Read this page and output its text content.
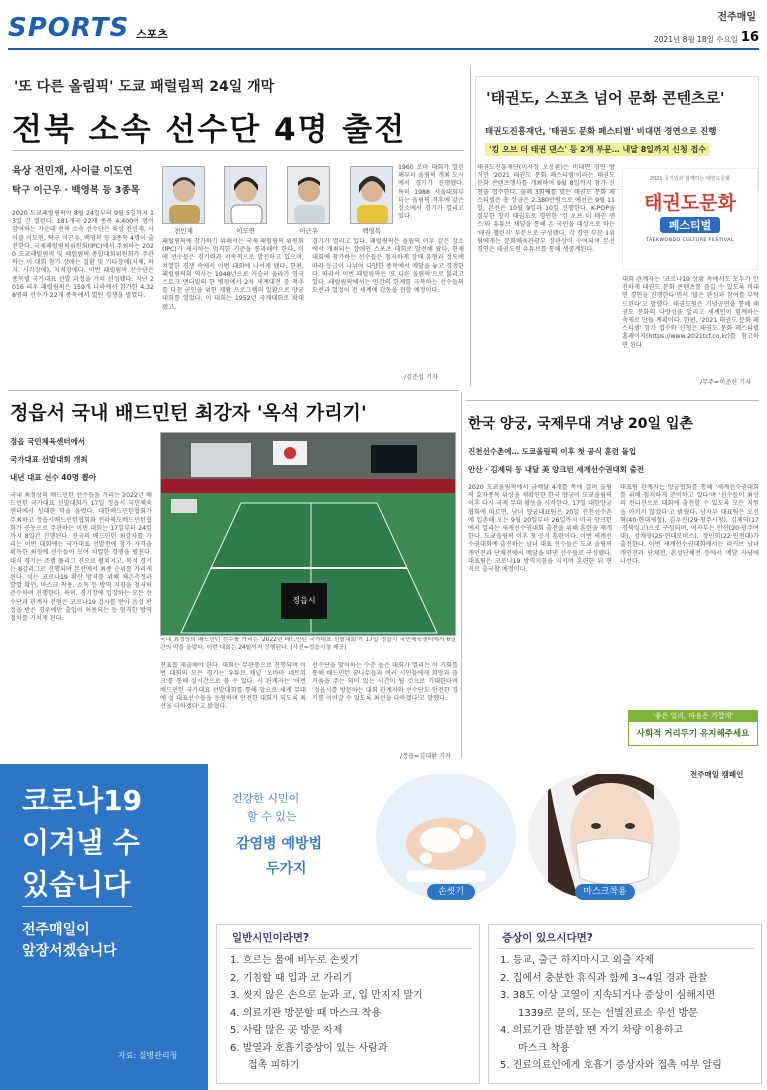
SPORTS 스포츠
전주매일
2021년 8월 18일 수요일 16
'또 다른 올림픽' 도쿄 패럴림픽 24일 개막
전북 소속 선수단 4명 출전
육상 전민재, 사이클 이도연
탁구 이근우 · 백영복 등 3종목
전민재	이도연	이근우	백영복
2020 도쿄패럴림픽이 8월 24일부터 9월 5일까지 13일 간 열린다. 181개국 22개 종목 4,400여 명이 참여하는 가운데 전북 소속 선수단은 육상 전민재, 사이클 이도연, 탁구 이근우, 백영복 등 3종목 4명이 출전한다. 국제패럴림픽위원회(IPC)에서 주최하는 2020 도쿄패럴림픽 및 패럴림픽 종합대회위원회가 주관하는 이 대회 참가 장애는 질환 및 기타장애(지체, 하지, 시각장애), 지적장애다. 이번 패럴림픽 선수단은 종목별 국가대표 선발 과정을 거쳐 선정됐다. 지난 2016 리우 패럴림픽은 159개 나라에서 참가한 4,328명의 선수가 22개 종목에서 열띤 경쟁을 벌였다.
패럴림픽에 참가하기 위해서는 국제 패럴림픽 위원회(IPC)가 제시하는 엄격한 기준을 통과해야 한다. 이에 선수들은 경기력과 지속적으로 발전하고 있으며, 치열한 경쟁 속에서 이번 대회에 나서게 됐다. 한편, 패럴림픽의 역사는 1948년으로 거슬러 올라가 영국 스토크 맨더빌의 한 병원에서 2차 세계대전 중 척추를 다친 군인을 위한 재활 프로그램의 일환으로 양궁 대회를 열었다. 이 대회는 1952년 국제대회로 확대됐고,
경기가 열리고 있다. 패럴림픽은 올림픽 이후 같은 장소에서 개최되는 장애인 스포츠 대회로 발전해 왔다. 현재 대회에 참가하는 선수들은 철저하게 장애 유형과 정도에 따라 등급이 나뉘어 다양한 종목에서 메달을 놓고 경쟁한다. 따라서 이번 패럴림픽은 '또 다른 올림픽'으로 불리고 있다. 패럴림픽에서는 인간의 한계를 극복하는 선수들의 도전과 열정이 전 세계에 감동을 전할 예정이다.
1960 로마 대회가 열린 해부터 올림픽 개최 도시에서 경기가 진행됐다. 특히 1988 서울대회부터는 올림픽 직후에 같은 장소에서 경기가 열리고 있다.
/김준섭 기자
'태권도, 스포츠 넘어 문화 콘텐츠로'
태권도진흥재단, '태권도 문화 페스티벌' 비대면 경연으로 진행
'킹 오브 더 태권 댄스' 등 2개 부문… 내달 8일까지 신청 접수
태권도진흥재단(이사장 오응환)은 비대면 경연 방식인 '2021 태권도 문화 페스티벌'이라는 태권도 문화 콘텐츠행사를 개최하여 9월 8일까지 참가 신청을 접수한다. 올해 3회째를 맞는 태권도 문화 페스티벌은 총 상금은 2,380만원으로 예선은 9월 11일, 본선은 10월 9일과 10일 진행한다. K-POP을 결부한 창작 태권도로 경연한 '킹 오브 더 태권 댄스'와 유튜브 채널을 통해 온 국민을 대상으로 하는 '태권 챌린지' 부문으로 구성됐다. 각 경연 부문 1위 팀에게는 문화체육관광부 장관상이 수여되며 본선 경연은 태권도원 유튜브를 통해 생중계된다.
2021 국기원과 함께하는 태권도문화
태권도문화
페스티벌
TAEKWONDO CULTURE FESTIVAL
대회 관계자는 '코로나19 상황 속에서도 모두가 안전하게 태권도 문화 콘텐츠를 즐길 수 있도록 비대면 경연을 진행한다'면서 '많은 관심과 참여를 부탁드린다'고 말했다. 태권도원은 기념공연을 통해 태권도 문화의 다양성을 알리고 세계인이 함께하는 축제로 만들 계획이다. 한편, '2021 태권도 문화 페스티벌' 참가 접수와 신청은 태권도 문화 페스티벌 홈페이지(https://www.2021tcf.co.kr)를 참고하면 된다.
/무주=이준선 기자
정읍서 국내 배드민턴 최강자 '옥석 가리기'
정읍 국민체육센터에서
국가대표 선발대회 개최
내년 대표 선수 40명 뽑아
국내 최정상의 배드민턴 선수들을 가리는 2022년 배드민턴 국가대표 선발대회가 17일 정읍시 국민체육센터에서 성대한 막을 올렸다. 대한배드민턴협회가 주최하고 정읍시배드민턴협회와 전라북도배드민턴협회가 공동으로 주관하는 이번 대회는 17일부터 24일까지 8일간 진행된다. 전국의 배드민턴 최강자를 가리는 이번 대회에는 국가대표 선발전에 참가 자격을 획득한 최정예 선수들이 모여 치열한 경쟁을 펼친다. 대식 경기는 조별 풀리그 진으로 펼쳐지고, 복식 경기는 8강리그로 진행되며 본선에서 최종 순위를 가리게 된다. 이는 코로나19 확산 방지를 위해 체온측정과 발열 확인, 마스크 착용, 소독 등 방역 지침을 철저히 준수하며 진행한다. 특히, 경기장에 입장하는 모든 선수단과 관계자 전원은 코로나19 검사를 받아 음성 판정을 받은 경우에만 출입이 허용되는 등 엄격한 방역 절차를 거치게 된다.
정읍시
국내 최정상의 배드민턴 선수를 가리는 '2022년 배드민턴 국가대표 선발대회'가 17일 정읍시 국민체육센터에서 6일간의 막을 올렸다. 이번 대회는 24일까지 진행된다. (사진=정읍시청 제공)
진표를 제출해야 한다. 대회는 무관중으로 진행되며 이번 대회의 모든 경기는 유튜브 채널 '오바마 네트워크'를 통해 실시간으로 볼 수 있다. 시 관계자는 '이번 배드민턴 국가대표 선발대회를 통해 앞으로 세계 무대에 설 대표선수들을 응원하며 안전한 대회가 되도록 최선을 다하겠다'고 밝혔다.
선수단을 맞이하는 수준 높은 대회가 열리는 이 기회를 통해 배드민턴 꿈나무들과 여러 시민들에게 희망과 즐거움을 주는 의미 있는 시간이 될 것으로 기대한다며 '정읍시를 방문하는 대회 관계자와 선수단도 안전한 경기를 이어갈 수 있도록 최선을 다하겠다'고 말했다.
/정읍=김대환 기자
한국 양궁, 국제무대 겨냥 20일 입촌
진천선수촌에… 도쿄올림픽 이후 첫 공식 훈련 돌입
안산 · 김제덕 등 내달 美 양크턴 세계선수권대회 출전
2020 도쿄올림픽에서 금메달 4개를 목에 걸며 올림픽 효자종목 위상을 재확인한 한국 양궁이 도쿄올림픽 이후 다시 국제 무대 활동을 시작한다. 17일 대한양궁협회에 따르면, 남녀 양궁대표팀은 20일 진천선수촌에 입촌해 오는 9월 20일부터 26일까지 미국 양크턴에서 열리는 세계선수권대회 출전을 위해 훈련을 재개한다. 도쿄올림픽 이후 첫 공식 훈련이다. 이번 세계선수권대회에 출전하는 남녀 대표 선수들은 도쿄 올림픽 개인전과 단체전에서 메달을 따낸 선수들로 구성됐다. 대표팀은 코로나19 방역지침을 지키며 훈련한 뒤 현지로 출국할 예정이다.
대표팀 관계자는 양궁협회를 통해 '세계선수권대회를 위해 철저하게 준비하고 있다'며 '선수들이 최상의 컨디션으로 대회에 출전할 수 있도록 모든 지원을 아끼지 않겠다'고 밝혔다. 남자부 대표팀은 오진혁(40·현대제철), 김우진(29·청주시청), 김제덕(17·경북일고)으로 구성되며, 여자부는 안산(20·광주여대), 강채영(25·현대모비스), 장민희(22·인천대)가 출전한다. 이번 세계선수권대회에서는 리커브 남녀 개인전과 단체전, 혼성단체전 등에서 메달 사냥에 나선다.
'좋은 얼리, 마음은 가깝게'
사회적 거리두기 유지해주세요
코로나19
이겨낼 수
있습니다
전주매일이
앞장서겠습니다
자료: 질병관리청
전주매일 캠페인
건강한 시민이
할 수 있는
감염병 예방법
두가지
손씻기	마스크착용
일반시민이라면?
1. 흐르는 물에 비누로 손씻기
2. 기침할 때 입과 코 가리기
3. 씻지 않은 손으로 눈과 코, 입 만지지 말기
4. 의료기관 방문할 때 마스크 착용
5. 사람 많은 곳 방문 자제
6. 발열과 호흡기증상이 있는 사람과
접촉 피하기
증상이 있으시다면?
1. 등교, 출근 하지마시고 외출 자제
2. 집에서 충분한 휴식과 함께 3~4일 경과 관찰
3. 38도 이상 고열이 지속되거나 증상이 심해지면
1339로 문의, 또는 선별진료소 우선 방문
4. 의료기관 방문할 땐 자기 차량 이용하고
마스크 착용
5. 진료의료인에게 호흡기 증상자와 접촉 여부 알림
